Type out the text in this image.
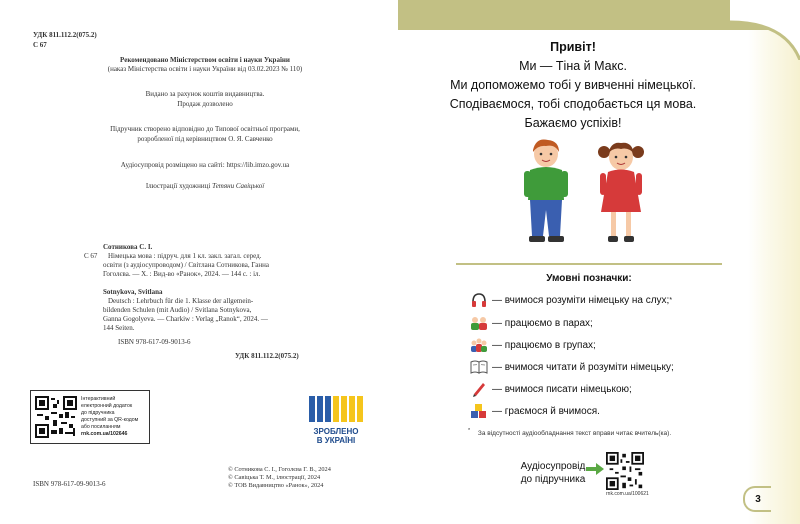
УДК 811.112.2(075.2)
С 67
Рекомендовано Міністерством освіти і науки України
(наказ Міністерства освіти і науки України від 03.02.2023 № 110)
Видано за рахунок коштів видавництва.
Продаж дозволено
Підручник створено відповідно до Типової освітньої програми,
розробленої під керівництвом О. Я. Савченко
Аудіосупровід розміщено на сайті: https://lib.imzo.gov.ua
Ілюстрації художниці Тетяни Савіцької
Сотникова С. І.
С 67 Німецька мова : підруч. для 1 кл. закл. загал. серед.
освіти (з аудіосупроводом) / Світлана Сотникова, Ганна
Гоголєва. — Х. : Вид-во «Ранок», 2024. — 144 с. : іл.
Sotnykova, Svitlana
Deutsch : Lehrbuch für die 1. Klasse der allgemein-
bildenden Schulen (mit Audio) / Svitlana Sotnykova,
Ganna Gogolyeva. — Charkiw : Verlag „Ranok“, 2024. —
144 Seiten.
ISBN 978-617-09-9013-6
УДК 811.112.2(075.2)
Інтерактивний
електронний додаток
до підручника
доступний за QR-кодом
або посиланням
rnk.com.ua/102646	ЗРОБЛЕНО
В УКРАЇНІ
© Сотникова С. І., Гоголєва Г. В., 2024
© Савіцька Т. М., ілюстрації, 2024
© ТОВ Видавництво «Ранок», 2024
ISBN 978-617-09-9013-6
Привіт!
Ми — Тіна й Макс.
Ми допоможемо тобі у вивченні німецької.
Сподіваємося, тобі сподобається ця мова.
Бажаємо успіхів!
Умовні позначки:
— вчимося розуміти німецьку на слух; *
— працюємо в парах;
— працюємо в групах;
— вчимося читати й розуміти німецьку;
— вчимося писати німецькою;
— граємося й вчимося.
* За відсутності аудіообладнання текст вправи читає вчитель(ка).
Аудіосупровід
до підручника
rnk.com.ua/100621	3
